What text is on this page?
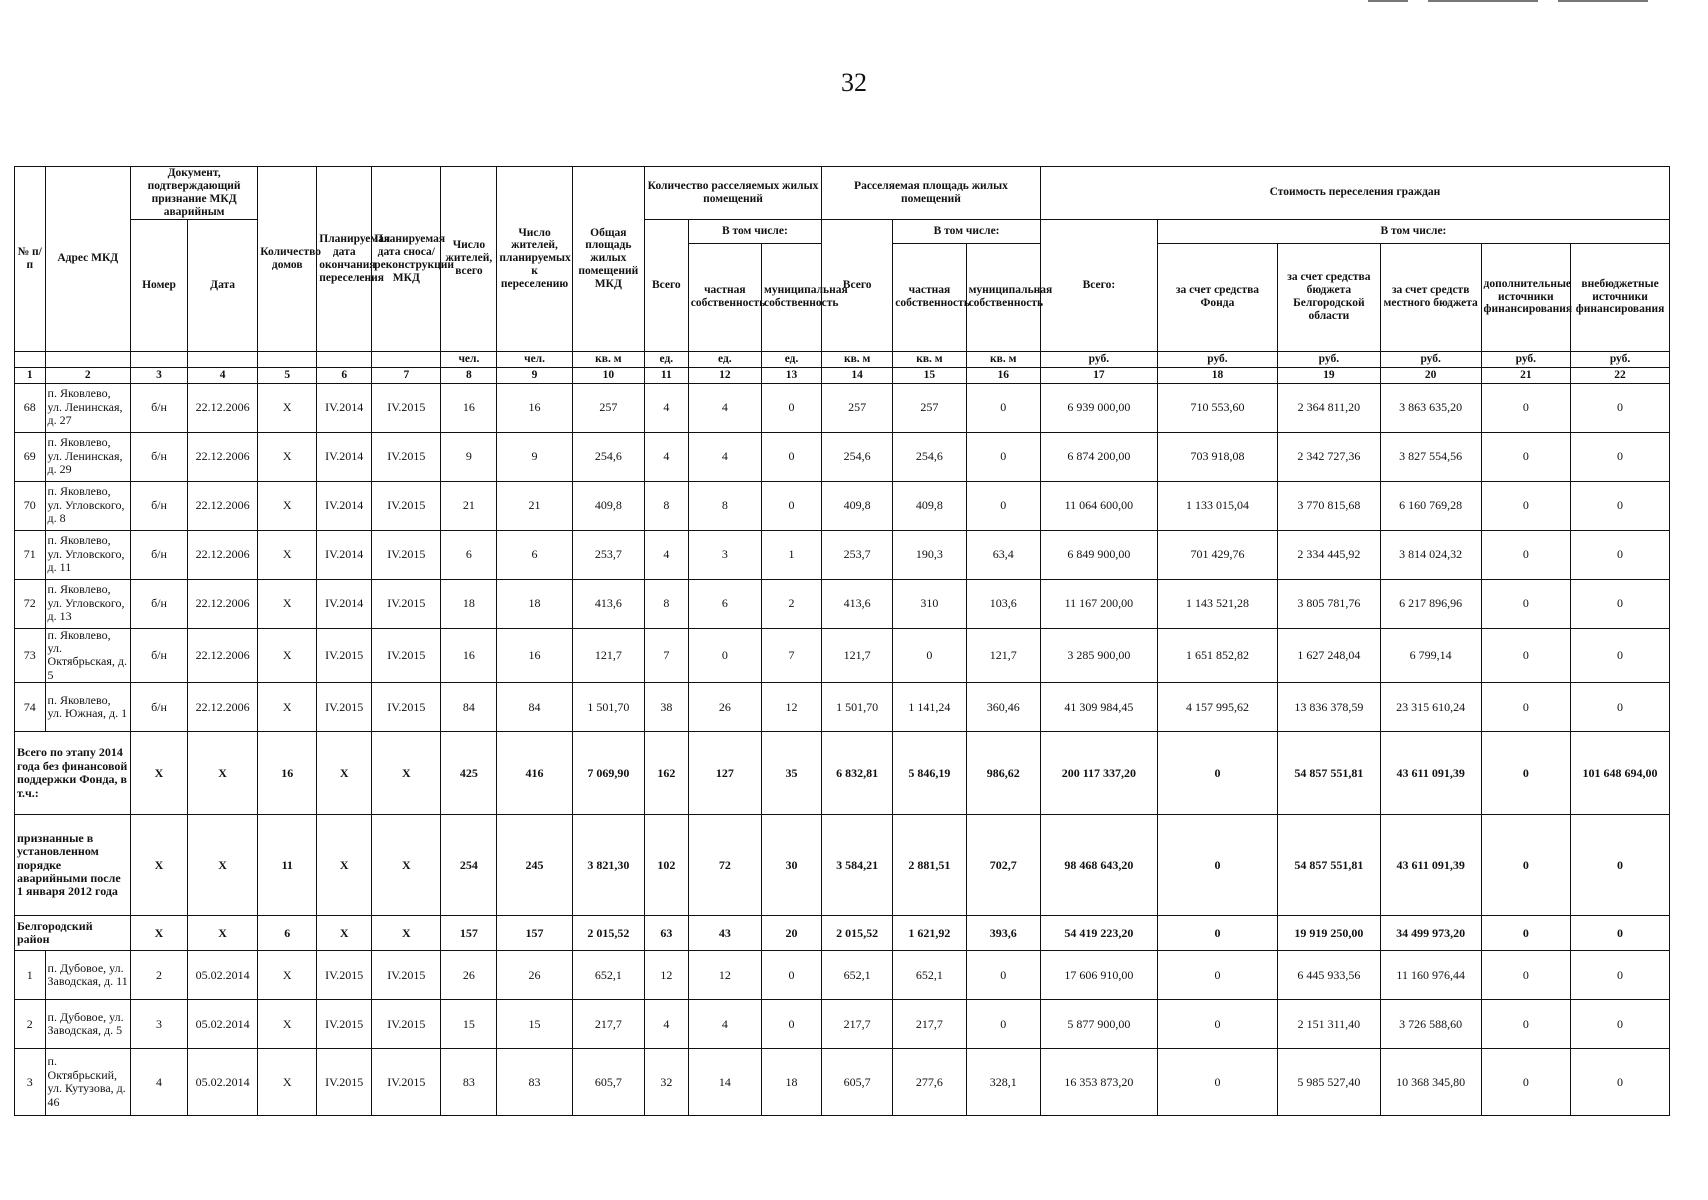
32
№ п/п	Адрес МКД	Документ, подтверждающий признание МКД аварийным		Количество домов	Планируемая дата окончания переселения	Планируемая дата сноса/ реконструкции МКД	Число жителей, всего	Число жителей, планируемых к переселению	Общая площадь жилых помещений МКД	Количество расселяемых жилых помещений			Расселяемая площадь жилых помещений			Стоимость переселения граждан					
		Номер	Дата							Всего	В том числе:		Всего	В том числе:		Всего:	В том числе:				
											частная собственность	муниципальная собственность		частная собственность	муниципальная собственность		за счет средства Фонда	за счет средства бюджета Белгородской области	за счет средств местного бюджета	дополнительные источники финансирования	внебюджетные источники финансирования
							чел.	чел.	кв. м	ед.	ед.	ед.	кв. м	кв. м	кв. м	руб.	руб.	руб.	руб.	руб.	руб.
1	2	3	4	5	6	7	8	9	10	11	12	13	14	15	16	17	18	19	20	21	22
68	п. Яковлево, ул. Ленинская, д. 27	б/н	22.12.2006	X	IV.2014	IV.2015	16	16	257	4	4	0	257	257	0	6 939 000,00	710 553,60	2 364 811,20	3 863 635,20	0	0
69	п. Яковлево, ул. Ленинская, д. 29	б/н	22.12.2006	X	IV.2014	IV.2015	9	9	254,6	4	4	0	254,6	254,6	0	6 874 200,00	703 918,08	2 342 727,36	3 827 554,56	0	0
70	п. Яковлево, ул. Угловского, д. 8	б/н	22.12.2006	X	IV.2014	IV.2015	21	21	409,8	8	8	0	409,8	409,8	0	11 064 600,00	1 133 015,04	3 770 815,68	6 160 769,28	0	0
71	п. Яковлево, ул. Угловского, д. 11	б/н	22.12.2006	X	IV.2014	IV.2015	6	6	253,7	4	3	1	253,7	190,3	63,4	6 849 900,00	701 429,76	2 334 445,92	3 814 024,32	0	0
72	п. Яковлево, ул. Угловского, д. 13	б/н	22.12.2006	X	IV.2014	IV.2015	18	18	413,6	8	6	2	413,6	310	103,6	11 167 200,00	1 143 521,28	3 805 781,76	6 217 896,96	0	0
73	п. Яковлево, ул. Октябрьская, д. 5	б/н	22.12.2006	X	IV.2015	IV.2015	16	16	121,7	7	0	7	121,7	0	121,7	3 285 900,00	1 651 852,82	1 627 248,04	6 799,14	0	0
74	п. Яковлево, ул. Южная, д. 1	б/н	22.12.2006	X	IV.2015	IV.2015	84	84	1 501,70	38	26	12	1 501,70	1 141,24	360,46	41 309 984,45	4 157 995,62	13 836 378,59	23 315 610,24	0	0
Всего по этапу 2014 года без финансовой поддержки Фонда, в т.ч.:		X	X	16	X	X	425	416	7 069,90	162	127	35	6 832,81	5 846,19	986,62	200 117 337,20	0	54 857 551,81	43 611 091,39	0	101 648 694,00
признанные в установленном порядке аварийными после 1 января 2012 года		X	X	11	X	X	254	245	3 821,30	102	72	30	3 584,21	2 881,51	702,7	98 468 643,20	0	54 857 551,81	43 611 091,39	0	0
Белгородский район		X	X	6	X	X	157	157	2 015,52	63	43	20	2 015,52	1 621,92	393,6	54 419 223,20	0	19 919 250,00	34 499 973,20	0	0
1	п. Дубовое, ул. Заводская, д. 11	2	05.02.2014	X	IV.2015	IV.2015	26	26	652,1	12	12	0	652,1	652,1	0	17 606 910,00	0	6 445 933,56	11 160 976,44	0	0
2	п. Дубовое, ул. Заводская, д. 5	3	05.02.2014	X	IV.2015	IV.2015	15	15	217,7	4	4	0	217,7	217,7	0	5 877 900,00	0	2 151 311,40	3 726 588,60	0	0
3	п. Октябрьский, ул. Кутузова, д. 46	4	05.02.2014	X	IV.2015	IV.2015	83	83	605,7	32	14	18	605,7	277,6	328,1	16 353 873,20	0	5 985 527,40	10 368 345,80	0	0
